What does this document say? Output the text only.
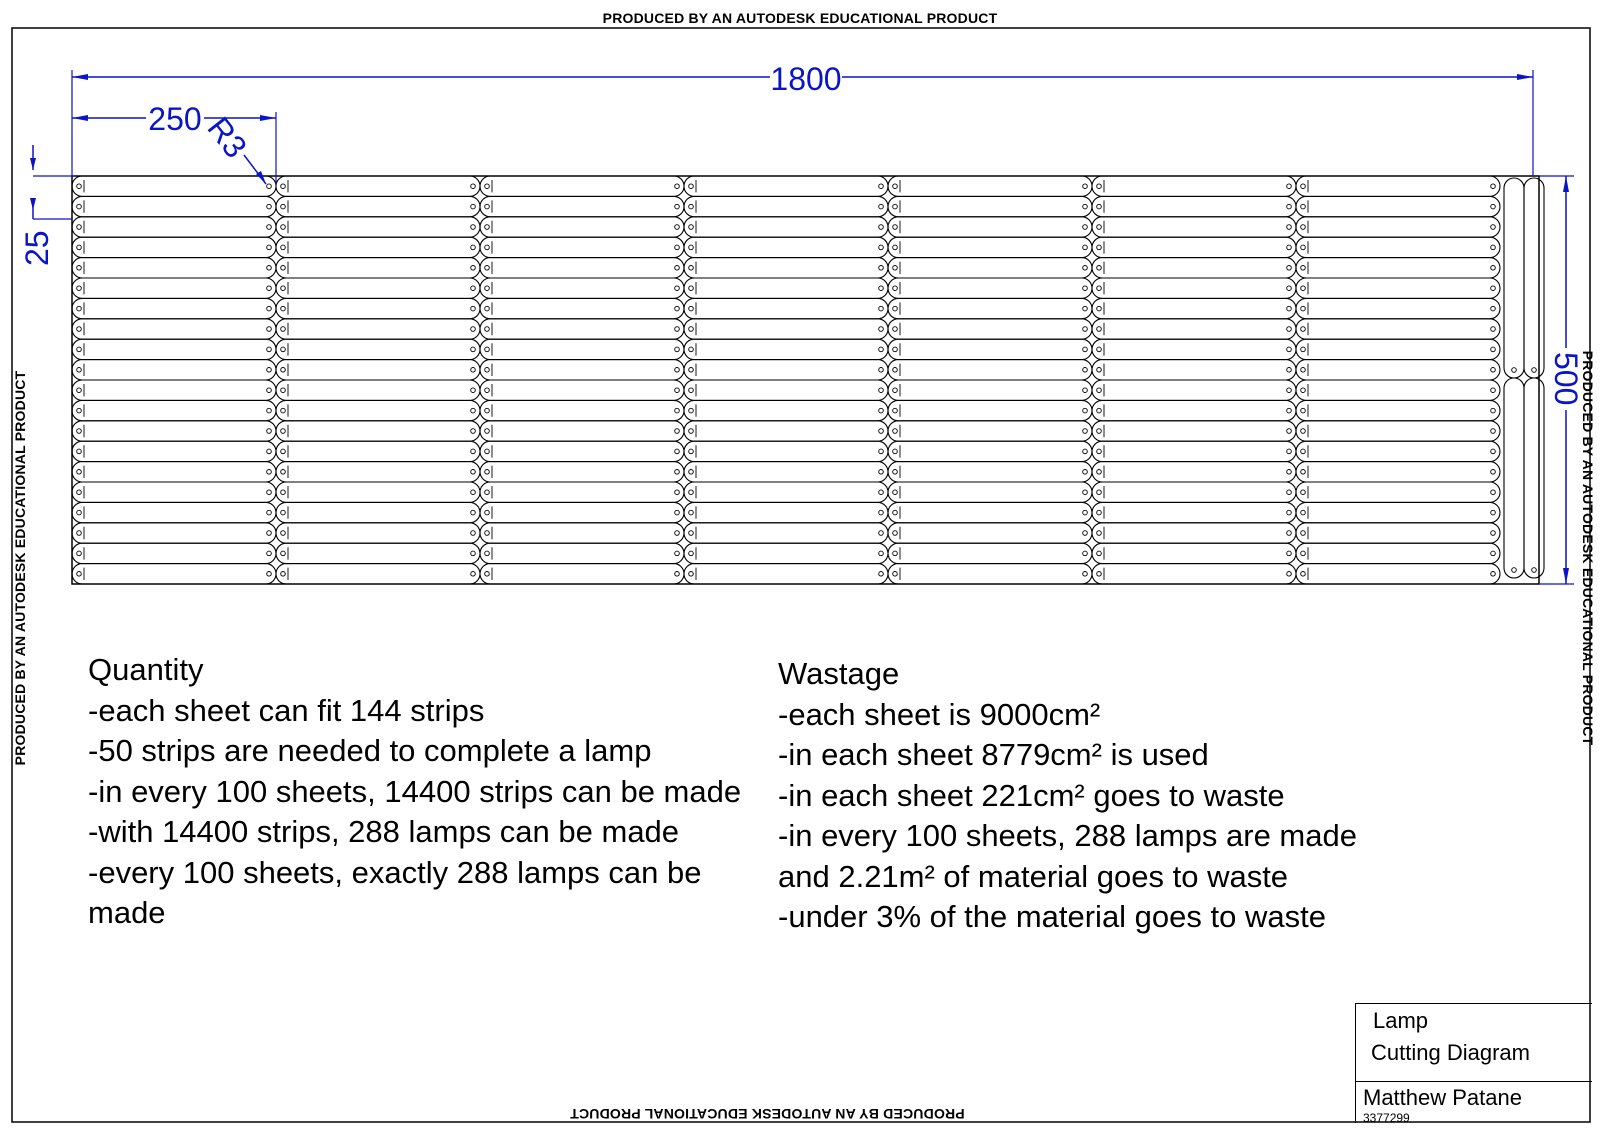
PRODUCED BY AN AUTODESK EDUCATIONAL PRODUCT
PRODUCED BY AN AUTODESK EDUCATIONAL PRODUCT
PRODUCED BY AN AUTODESK EDUCATIONAL PRODUCT	PRODUCED BY AN AUTODESK EDUCATIONAL PRODUCT
1800
250
R3
25
500
Quantity
-each sheet can fit 144 strips
-50 strips are needed to complete a lamp
-in every 100 sheets, 14400 strips can be made
-with 14400 strips, 288 lamps can be made
-every 100 sheets, exactly 288 lamps can be made
Wastage
-each sheet is 9000cm²
-in each sheet 8779cm² is used
-in each sheet 221cm² goes to waste
-in every 100 sheets, 288 lamps are made and 2.21m² of material goes to waste
-under 3% of the material goes to waste
Lamp
Cutting Diagram
Matthew Patane
3377299
